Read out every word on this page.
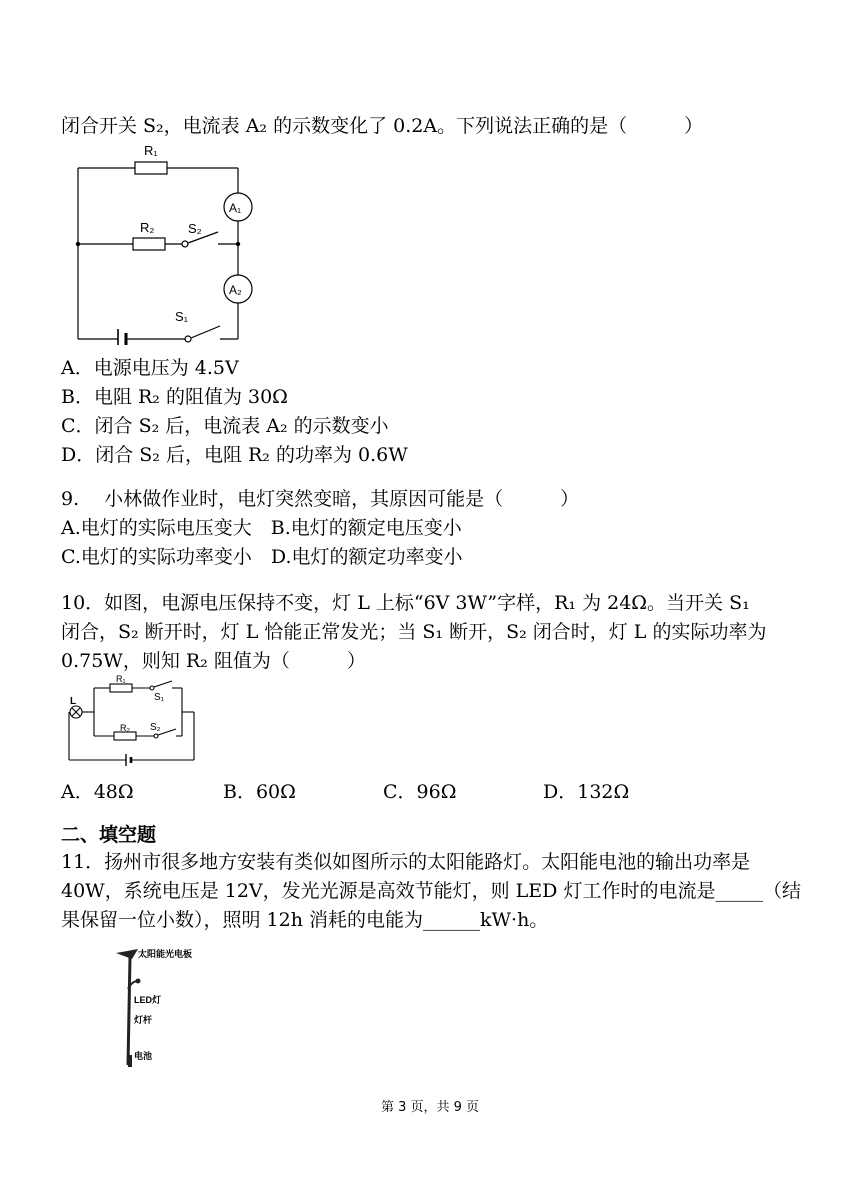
闭合开关 S₂，电流表 A₂ 的示数变化了 0.2A。下列说法正确的是（　　　）
R₁
R₂	S₂
S₁
A₁
A₂
A．电源电压为 4.5V
B．电阻 R₂ 的阻值为 30Ω
C．闭合 S₂ 后，电流表 A₂ 的示数变小
D．闭合 S₂ 后，电阻 R₂ 的功率为 0.6W
9.　 小林做作业时，电灯突然变暗，其原因可能是（　　　）
A.电灯的实际电压变大　B.电灯的额定电压变小
C.电灯的实际功率变小　D.电灯的额定功率变小
10．如图，电源电压保持不变，灯 L 上标“6V 3W”字样，R₁ 为 24Ω。当开关 S₁
闭合，S₂ 断开时，灯 L 恰能正常发光；当 S₁ 断开，S₂ 闭合时，灯 L 的实际功率为
0.75W，则知 R₂ 阻值为（　　　）
L
R₁
S₁
R₂ S₂
A．48Ω	B．60Ω	C．96Ω	D．132Ω
二、填空题
11．扬州市很多地方安装有类似如图所示的太阳能路灯。太阳能电池的输出功率是
40W，系统电压是 12V，发光光源是高效节能灯，则 LED 灯工作时的电流是_____（结
果保留一位小数），照明 12h 消耗的电能为______kW·h。
太阳能光电板
LED灯
灯杆
电池
第 3 页，共 9 页
